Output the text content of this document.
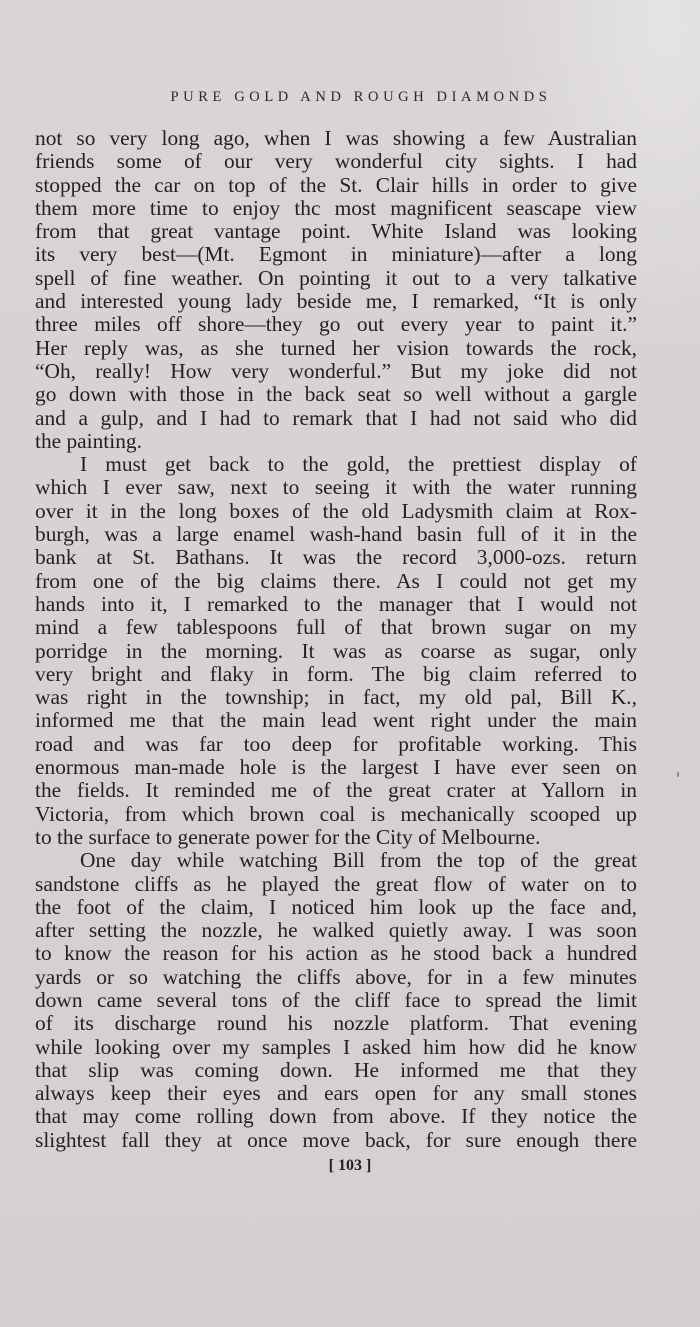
PURE GOLD AND ROUGH DIAMONDS
not so very long ago, when I was showing a few Australian
friends some of our very wonderful city sights. I had
stopped the car on top of the St. Clair hills in order to give
them more time to enjoy thc most magnificent seascape view
from that great vantage point. White Island was looking
its very best—(Mt. Egmont in miniature)—after a long
spell of fine weather. On pointing it out to a very talkative
and interested young lady beside me, I remarked, “It is only
three miles off shore—they go out every year to paint it.”
Her reply was, as she turned her vision towards the rock,
“Oh, really! How very wonderful.” But my joke did not
go down with those in the back seat so well without a gargle
and a gulp, and I had to remark that I had not said who did
the painting.
I must get back to the gold, the prettiest display of
which I ever saw, next to seeing it with the water running
over it in the long boxes of the old Ladysmith claim at Rox-
burgh, was a large enamel wash-hand basin full of it in the
bank at St. Bathans. It was the record 3,000-ozs. return
from one of the big claims there. As I could not get my
hands into it, I remarked to the manager that I would not
mind a few tablespoons full of that brown sugar on my
porridge in the morning. It was as coarse as sugar, only
very bright and flaky in form. The big claim referred to
was right in the township; in fact, my old pal, Bill K.,
informed me that the main lead went right under the main
road and was far too deep for profitable working. This
enormous man-made hole is the largest I have ever seen on
the fields. It reminded me of the great crater at Yallorn in
Victoria, from which brown coal is mechanically scooped up
to the surface to generate power for the City of Melbourne.
One day while watching Bill from the top of the great
sandstone cliffs as he played the great flow of water on to
the foot of the claim, I noticed him look up the face and,
after setting the nozzle, he walked quietly away. I was soon
to know the reason for his action as he stood back a hundred
yards or so watching the cliffs above, for in a few minutes
down came several tons of the cliff face to spread the limit
of its discharge round his nozzle platform. That evening
while looking over my samples I asked him how did he know
that slip was coming down. He informed me that they
always keep their eyes and ears open for any small stones
that may come rolling down from above. If they notice the
slightest fall they at once move back, for sure enough there
[ 103 ]
